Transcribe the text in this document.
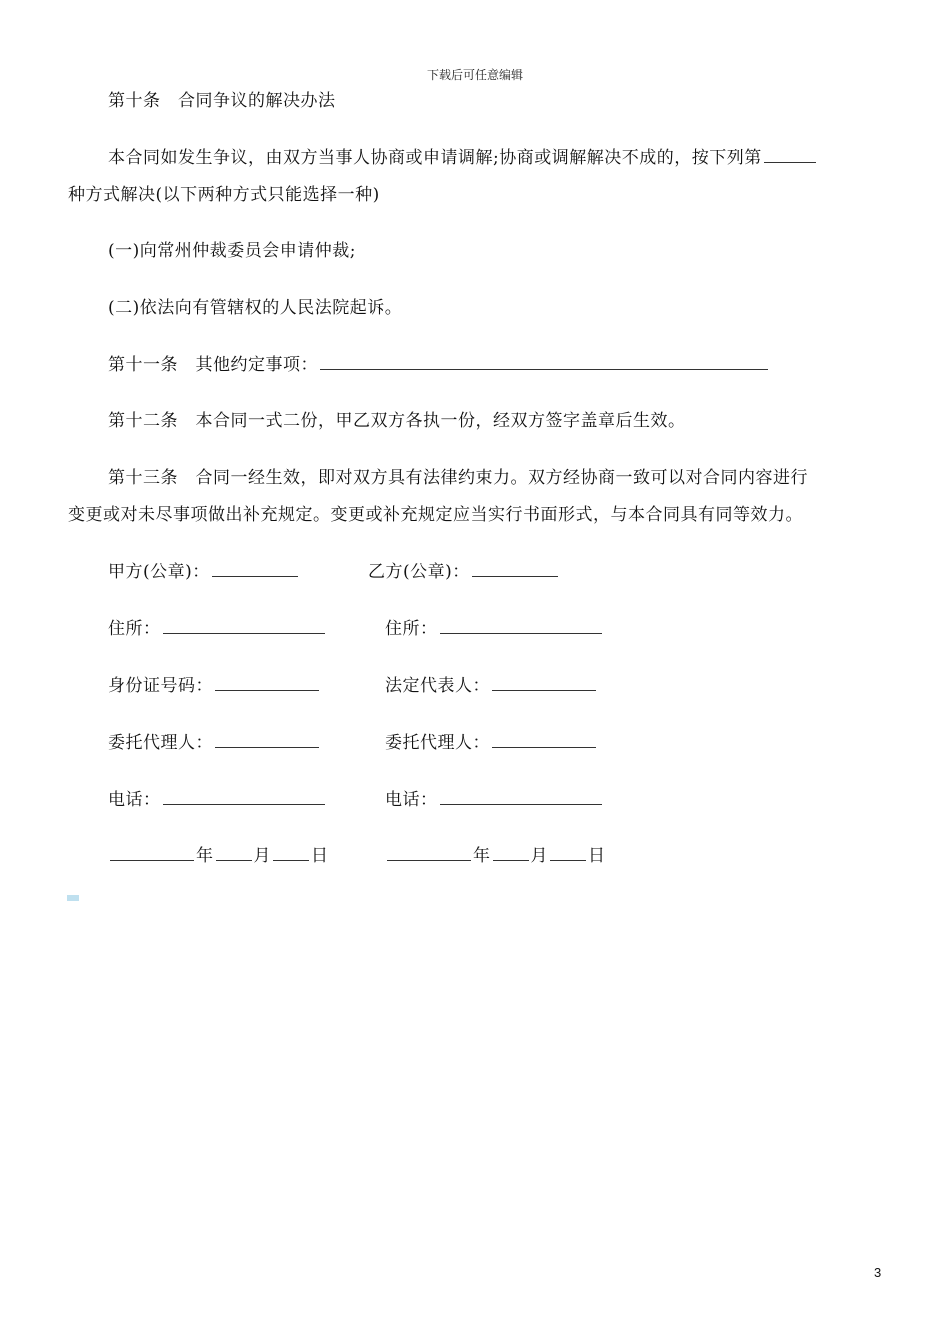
下载后可任意编辑
第十条　合同争议的解决办法
本合同如发生争议，由双方当事人协商或申请调解;协商或调解解决不成的，按下列第
种方式解决(以下两种方式只能选择一种)
(一)向常州仲裁委员会申请仲裁;
(二)依法向有管辖权的人民法院起诉。
第十一条　其他约定事项：
第十二条　本合同一式二份，甲乙双方各执一份，经双方签字盖章后生效。
第十三条　合同一经生效，即对双方具有法律约束力。双方经协商一致可以对合同内容进行
变更或对未尽事项做出补充规定。变更或补充规定应当实行书面形式，与本合同具有同等效力。
甲方(公章)：
住所：
身份证号码：
委托代理人：
电话：
年 月 日
乙方(公章)：
住所：
法定代表人：
委托代理人：
电话：
年 月 日
3
